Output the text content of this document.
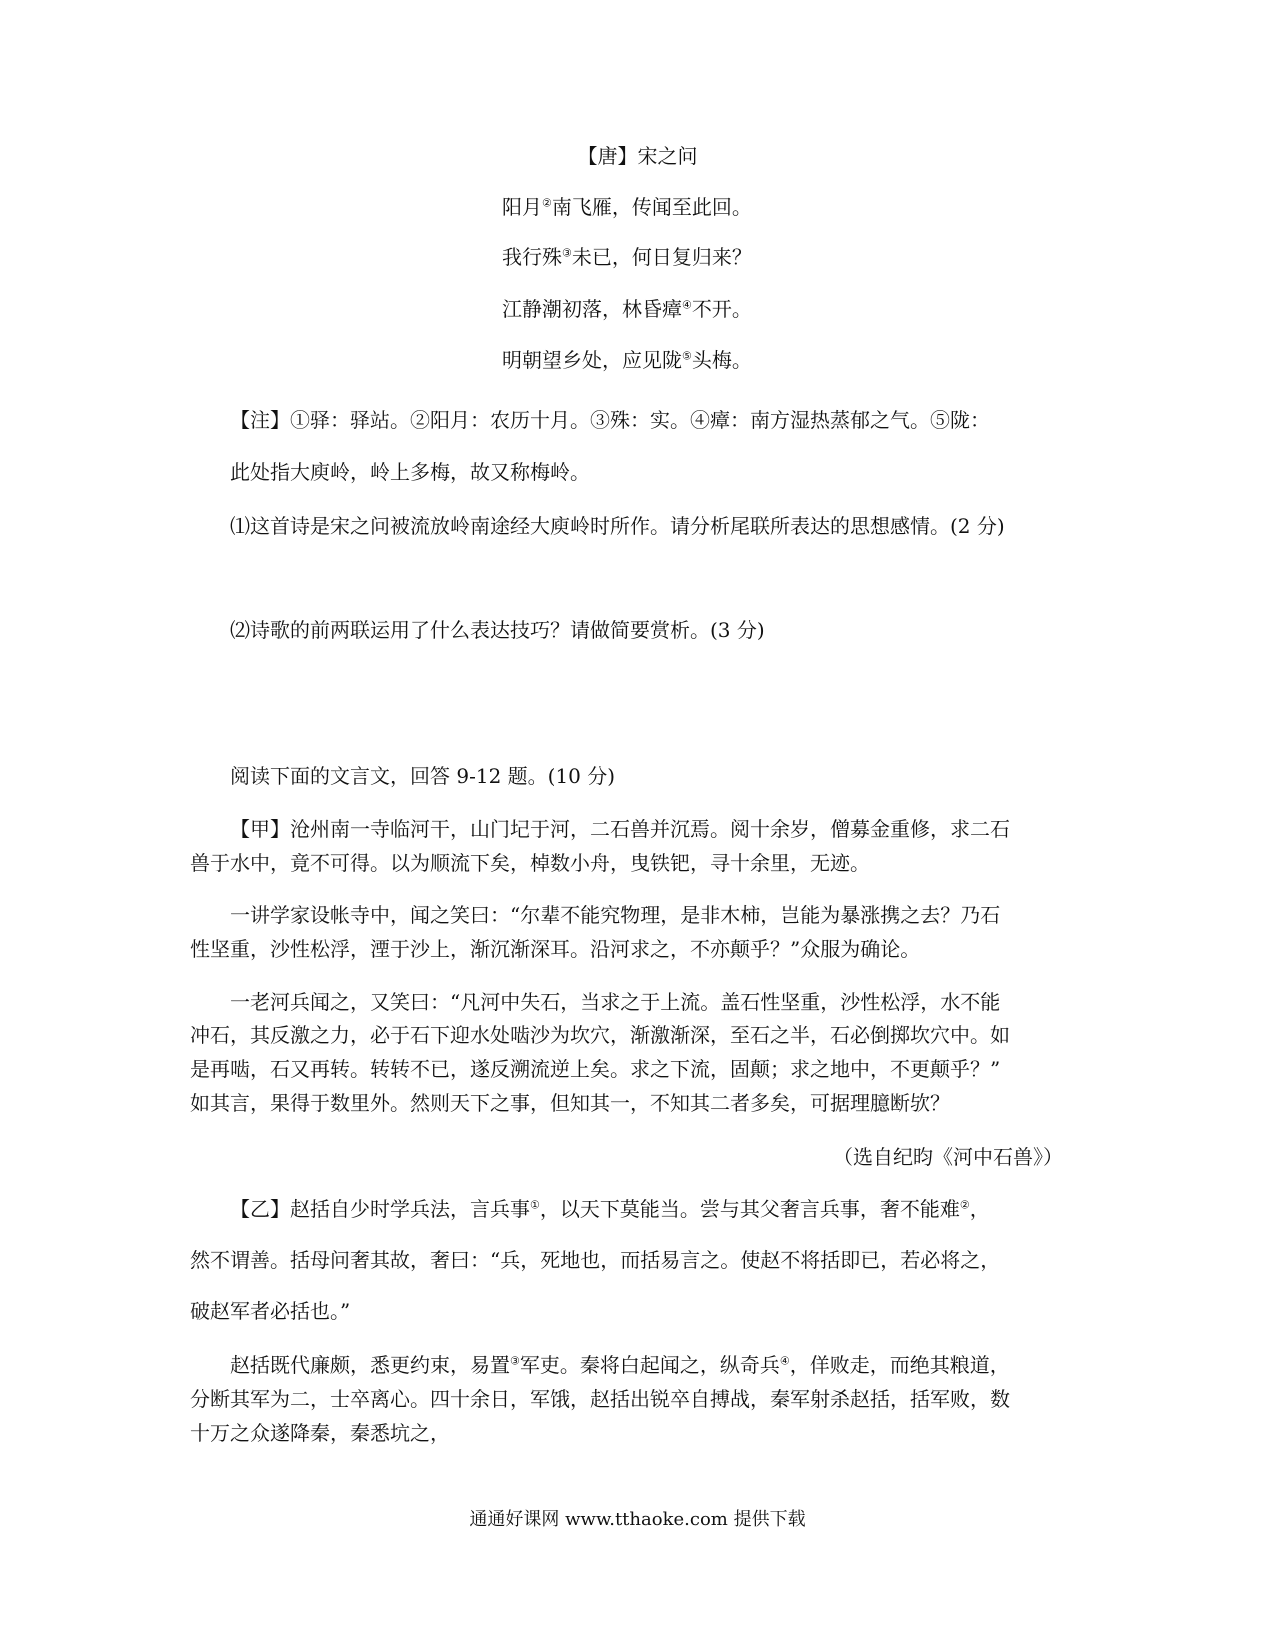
【唐】宋之问
阳月②南飞雁，传闻至此回。
我行殊③未已，何日复归来？
江静潮初落，林昏瘴④不开。
明朝望乡处，应见陇⑤头梅。
【注】①驿：驿站。②阳月：农历十月。③殊：实。④瘴：南方湿热蒸郁之气。⑤陇：
此处指大庾岭，岭上多梅，故又称梅岭。
⑴这首诗是宋之问被流放岭南途经大庾岭时所作。请分析尾联所表达的思想感情。(2 分)
⑵诗歌的前两联运用了什么表达技巧？请做简要赏析。(3 分)
阅读下面的文言文，回答 9-12 题。(10 分)
【甲】沧州南一寺临河干，山门圮于河，二石兽并沉焉。阅十余岁，僧募金重修，求二石
兽于水中，竟不可得。以为顺流下矣，棹数小舟，曳铁钯，寻十余里，无迹。
一讲学家设帐寺中，闻之笑曰：“尔辈不能究物理，是非木柿，岂能为暴涨携之去？乃石
性坚重，沙性松浮，湮于沙上，渐沉渐深耳。沿河求之，不亦颠乎？”众服为确论。
一老河兵闻之，又笑曰：“凡河中失石，当求之于上流。盖石性坚重，沙性松浮，水不能
冲石，其反激之力，必于石下迎水处啮沙为坎穴，渐激渐深，至石之半，石必倒掷坎穴中。如
是再啮，石又再转。转转不已，遂反溯流逆上矣。求之下流，固颠；求之地中，不更颠乎？”
如其言，果得于数里外。然则天下之事，但知其一，不知其二者多矣，可据理臆断欤？
（选自纪昀《河中石兽》）
【乙】赵括自少时学兵法，言兵事①，以天下莫能当。尝与其父奢言兵事，奢不能难②，
然不谓善。括母问奢其故，奢曰：“兵，死地也，而括易言之。使赵不将括即已，若必将之，
破赵军者必括也。”
赵括既代廉颇，悉更约束，易置③军吏。秦将白起闻之，纵奇兵④，佯败走，而绝其粮道，
分断其军为二，士卒离心。四十余日，军饿，赵括出锐卒自搏战，秦军射杀赵括，括军败，数
十万之众遂降秦，秦悉坑之，
通通好课网 www.tthaoke.com 提供下载
